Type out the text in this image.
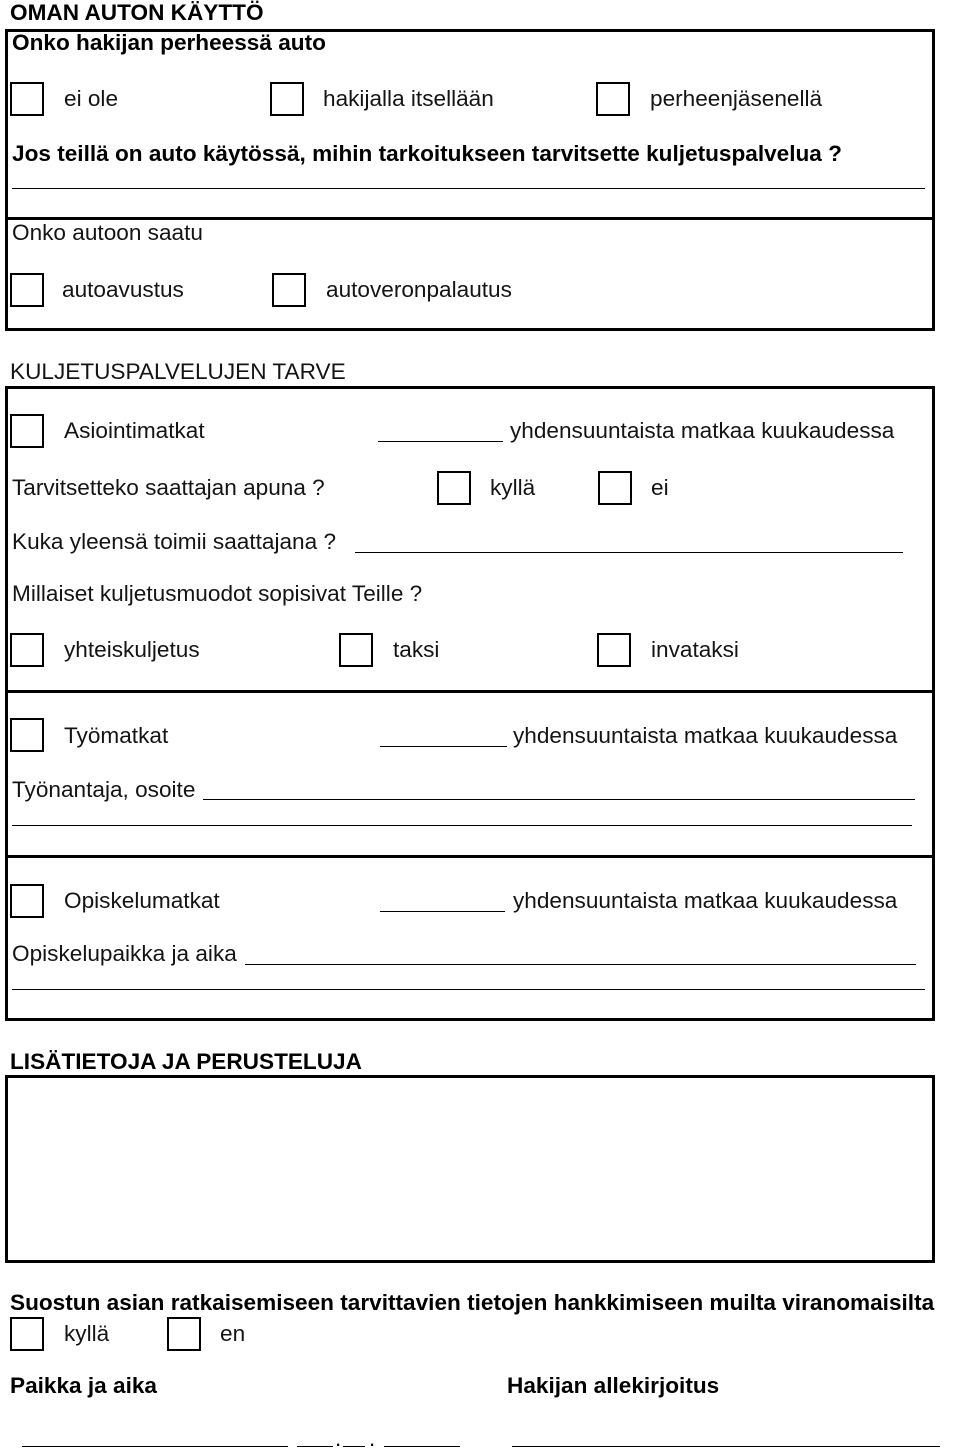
OMAN AUTON KÄYTTÖ
Onko hakijan perheessä auto
ei ole	hakijalla itsellään	perheenjäsenellä
Jos teillä on auto käytössä, mihin tarkoitukseen tarvitsette kuljetuspalvelua ?
Onko autoon saatu
autoavustus	autoveronpalautus
KULJETUSPALVELUJEN TARVE
Asiointimatkat	yhdensuuntaista matkaa kuukaudessa
Tarvitsetteko saattajan apuna ?	kyllä	ei
Kuka yleensä toimii saattajana ?
Millaiset kuljetusmuodot sopisivat Teille ?
yhteiskuljetus	taksi	invataksi
Työmatkat	yhdensuuntaista matkaa kuukaudessa
Työnantaja, osoite
Opiskelumatkat	yhdensuuntaista matkaa kuukaudessa
Opiskelupaikka ja aika
LISÄTIETOJA JA PERUSTELUJA
Suostun asian ratkaisemiseen tarvittavien tietojen hankkimiseen muilta viranomaisilta
kyllä	en
Paikka ja aika	Hakijan allekirjoitus
. .
